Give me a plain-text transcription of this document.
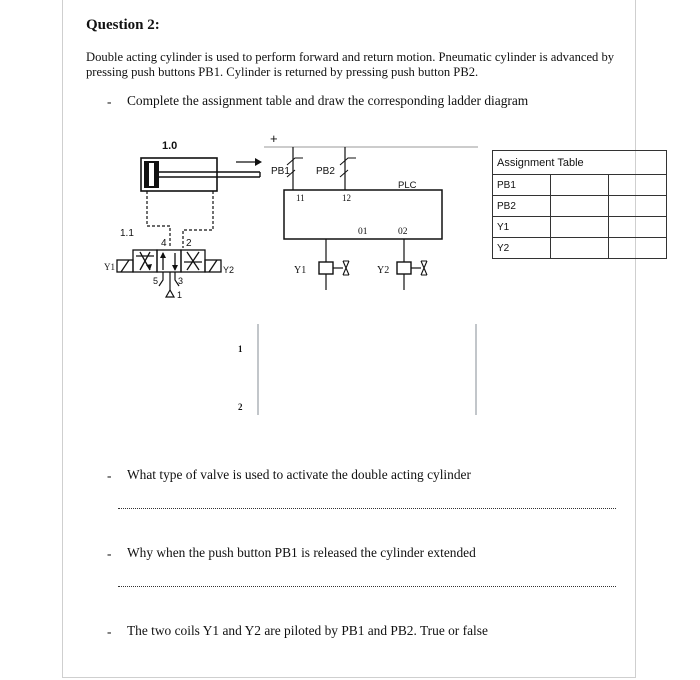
Question 2:
Double acting cylinder is used to perform forward and return motion. Pneumatic cylinder is advanced by pressing push buttons PB1. Cylinder is returned by pressing push button PB2.
- Complete the assignment table and draw the corresponding ladder diagram
1.0
1.1
4 2
Y1	Y2
5 3
1
+
PB1	PB2
PLC
11	12
01	02
Y1	Y2
1
2
Assignment Table		
PB1		
PB2		
Y1		
Y2		
- What type of valve is used to activate the double acting cylinder
- Why when the push button PB1 is released the cylinder extended
- The two coils Y1 and Y2 are piloted by PB1 and PB2. True or false
